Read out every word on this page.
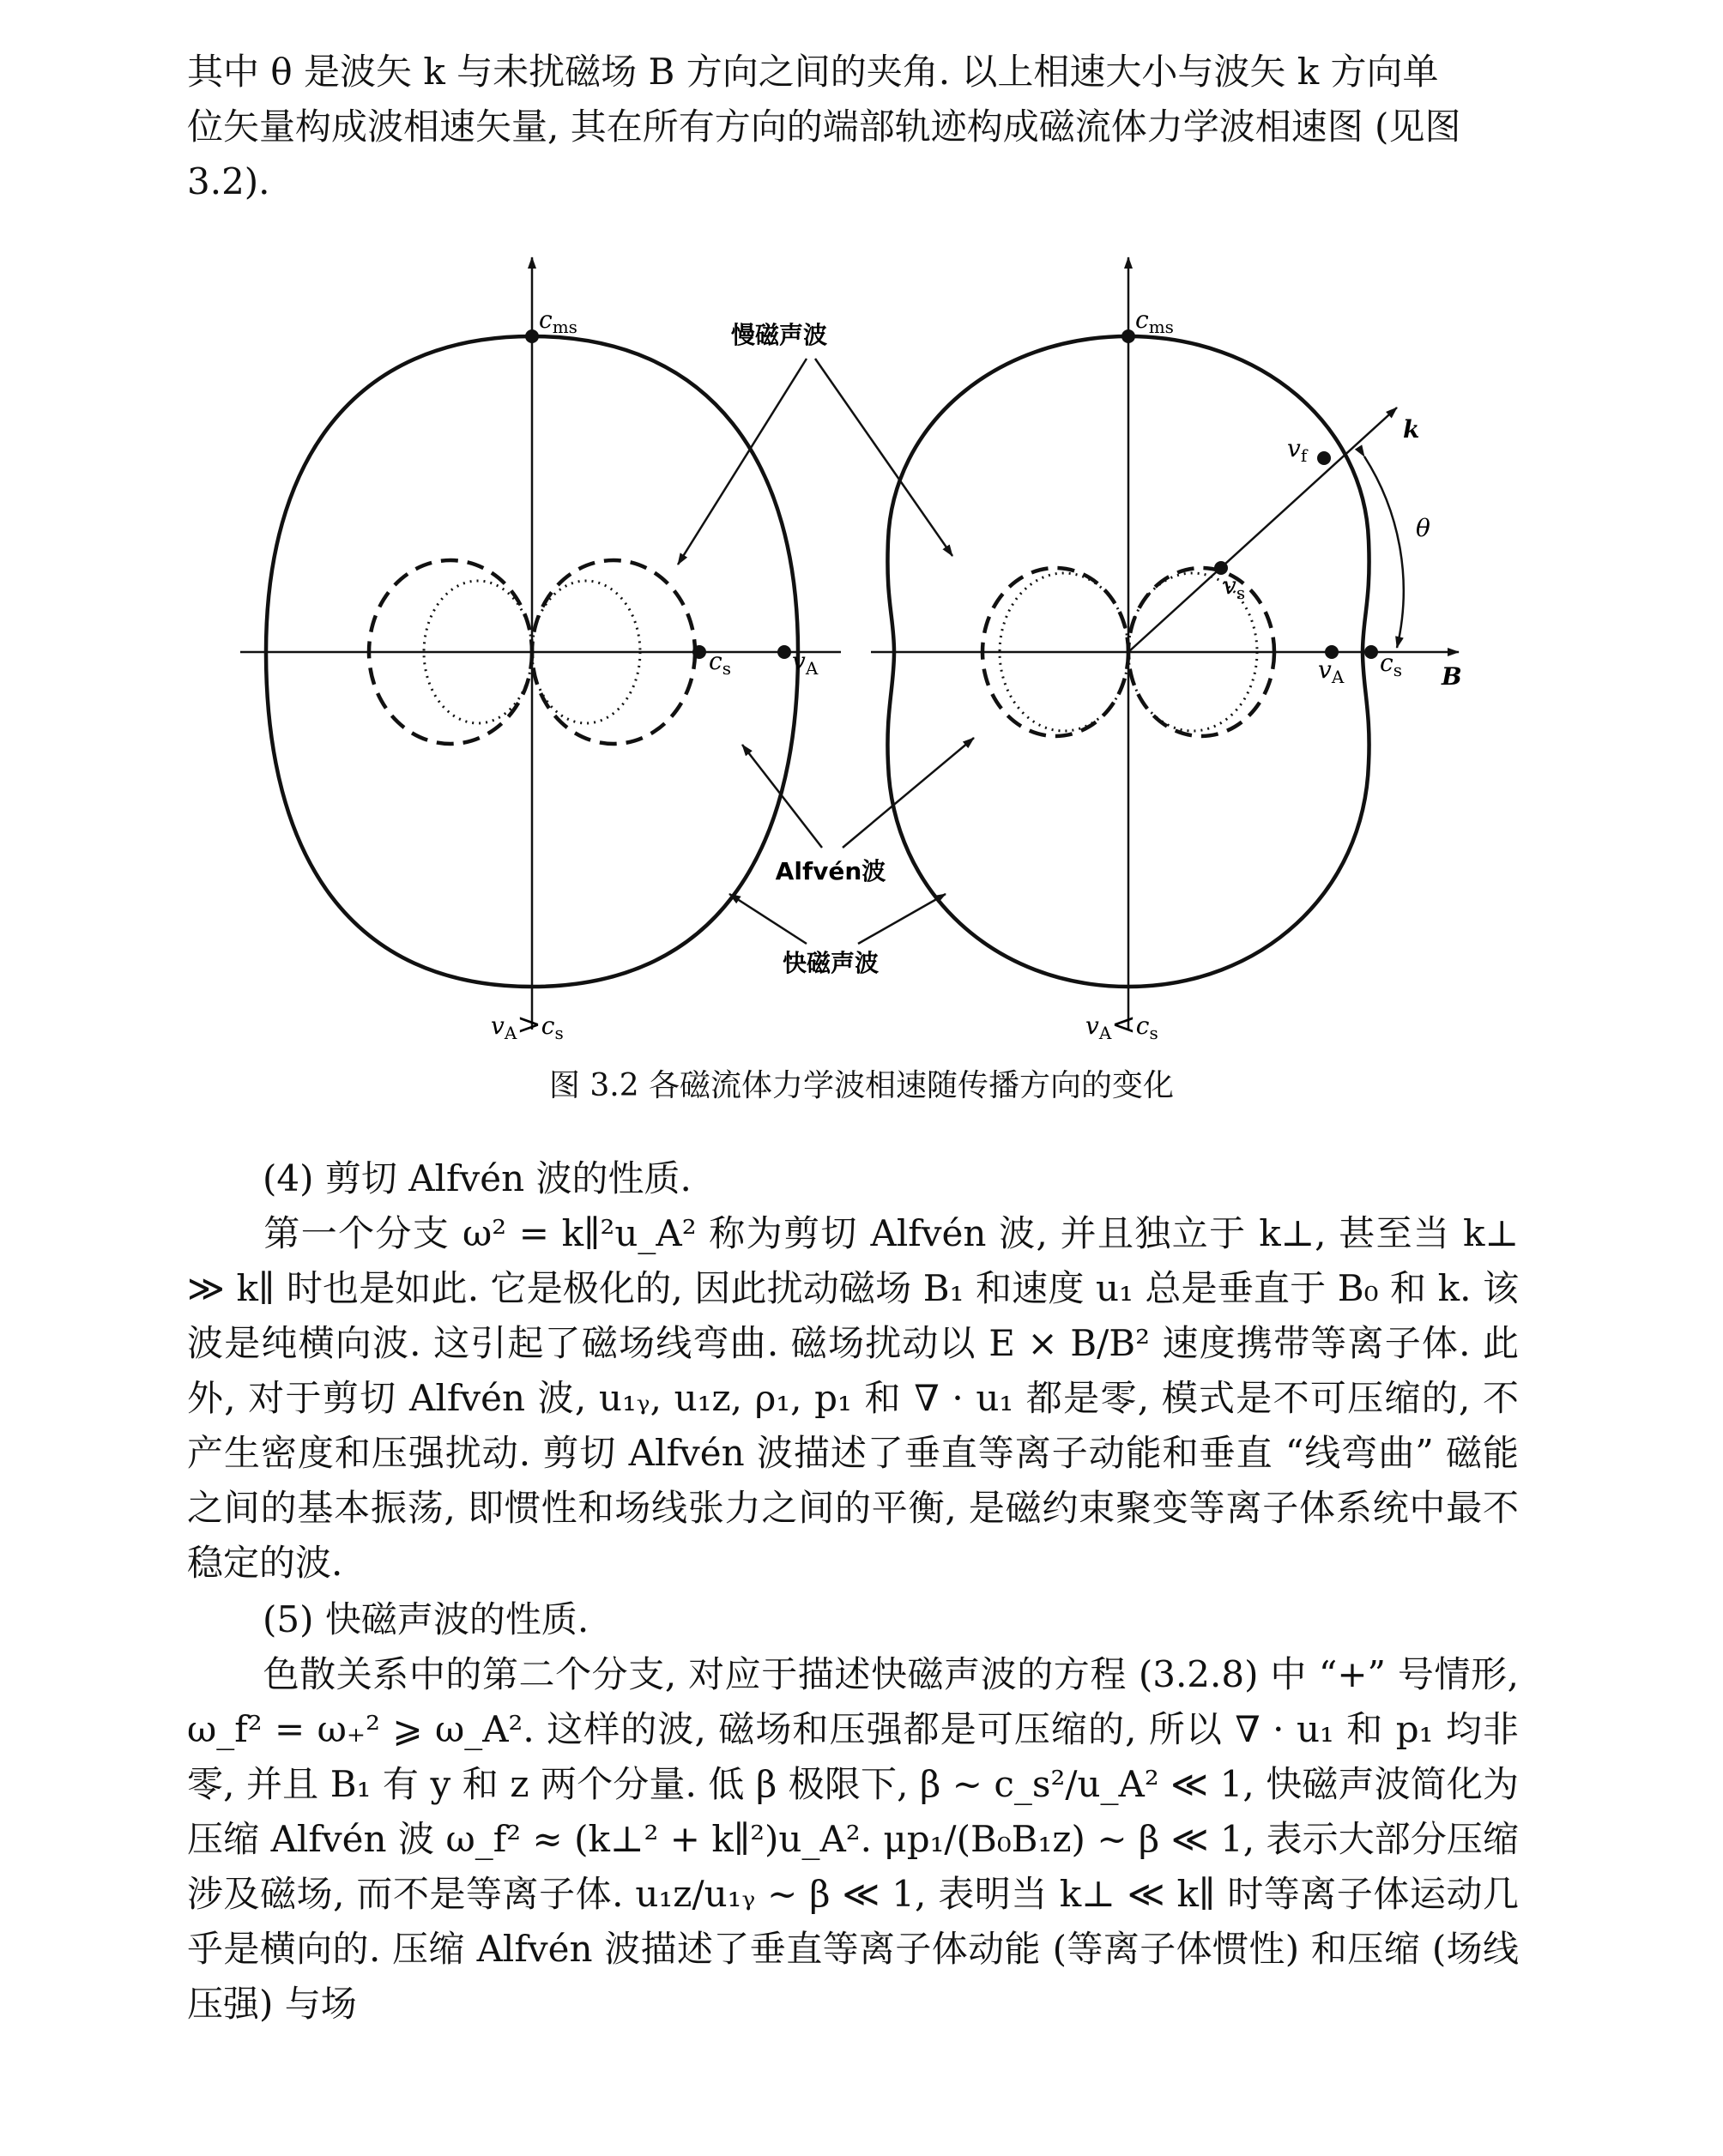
其中 θ 是波矢 k 与未扰磁场 B 方向之间的夹角. 以上相速大小与波矢 k 方向单
位矢量构成波相速矢量, 其在所有方向的端部轨迹构成磁流体力学波相速图 (见图
3.2).

$c_{ms}$
$c_s$	$v_A$
$v_A>c_s$
$c_{ms}$
$v_f$
$v_s$
$v_A$ $c_s$
k
θ
B
$v_A<c_s$
慢磁声波
Alfvén波
快磁声波
图 3.2 各磁流体力学波相速随传播方向的变化

(4) 剪切 Alfvén 波的性质.

第一个分支 ω² = k∥²u_A² 称为剪切 Alfvén 波, 并且独立于 k⊥, 甚至当 k⊥ ≫ k∥ 时也是如此. 它是极化的, 因此扰动磁场 B₁ 和速度 u₁ 总是垂直于 B₀ 和 k. 该波是纯横向波. 这引起了磁场线弯曲. 磁场扰动以 E × B/B² 速度携带等离子体. 此外, 对于剪切 Alfvén 波, u₁ᵧ, u₁z, ρ₁, p₁ 和 ∇ · u₁ 都是零, 模式是不可压缩的, 不产生密度和压强扰动. 剪切 Alfvén 波描述了垂直等离子动能和垂直 “线弯曲” 磁能之间的基本振荡, 即惯性和场线张力之间的平衡, 是磁约束聚变等离子体系统中最不稳定的波.

(5) 快磁声波的性质.

色散关系中的第二个分支, 对应于描述快磁声波的方程 (3.2.8) 中 “+” 号情形, ω_f² = ω₊² ⩾ ω_A². 这样的波, 磁场和压强都是可压缩的, 所以 ∇ · u₁ 和 p₁ 均非零, 并且 B₁ 有 y 和 z 两个分量. 低 β 极限下, β ∼ c_s²/u_A² ≪ 1, 快磁声波简化为压缩 Alfvén 波 ω_f² ≈ (k⊥² + k∥²)u_A². μp₁/(B₀B₁z) ∼ β ≪ 1, 表示大部分压缩涉及磁场, 而不是等离子体. u₁z/u₁ᵧ ∼ β ≪ 1, 表明当 k⊥ ≪ k∥ 时等离子体运动几乎是横向的. 压缩 Alfvén 波描述了垂直等离子体动能 (等离子体惯性) 和压缩 (场线压强) 与场
